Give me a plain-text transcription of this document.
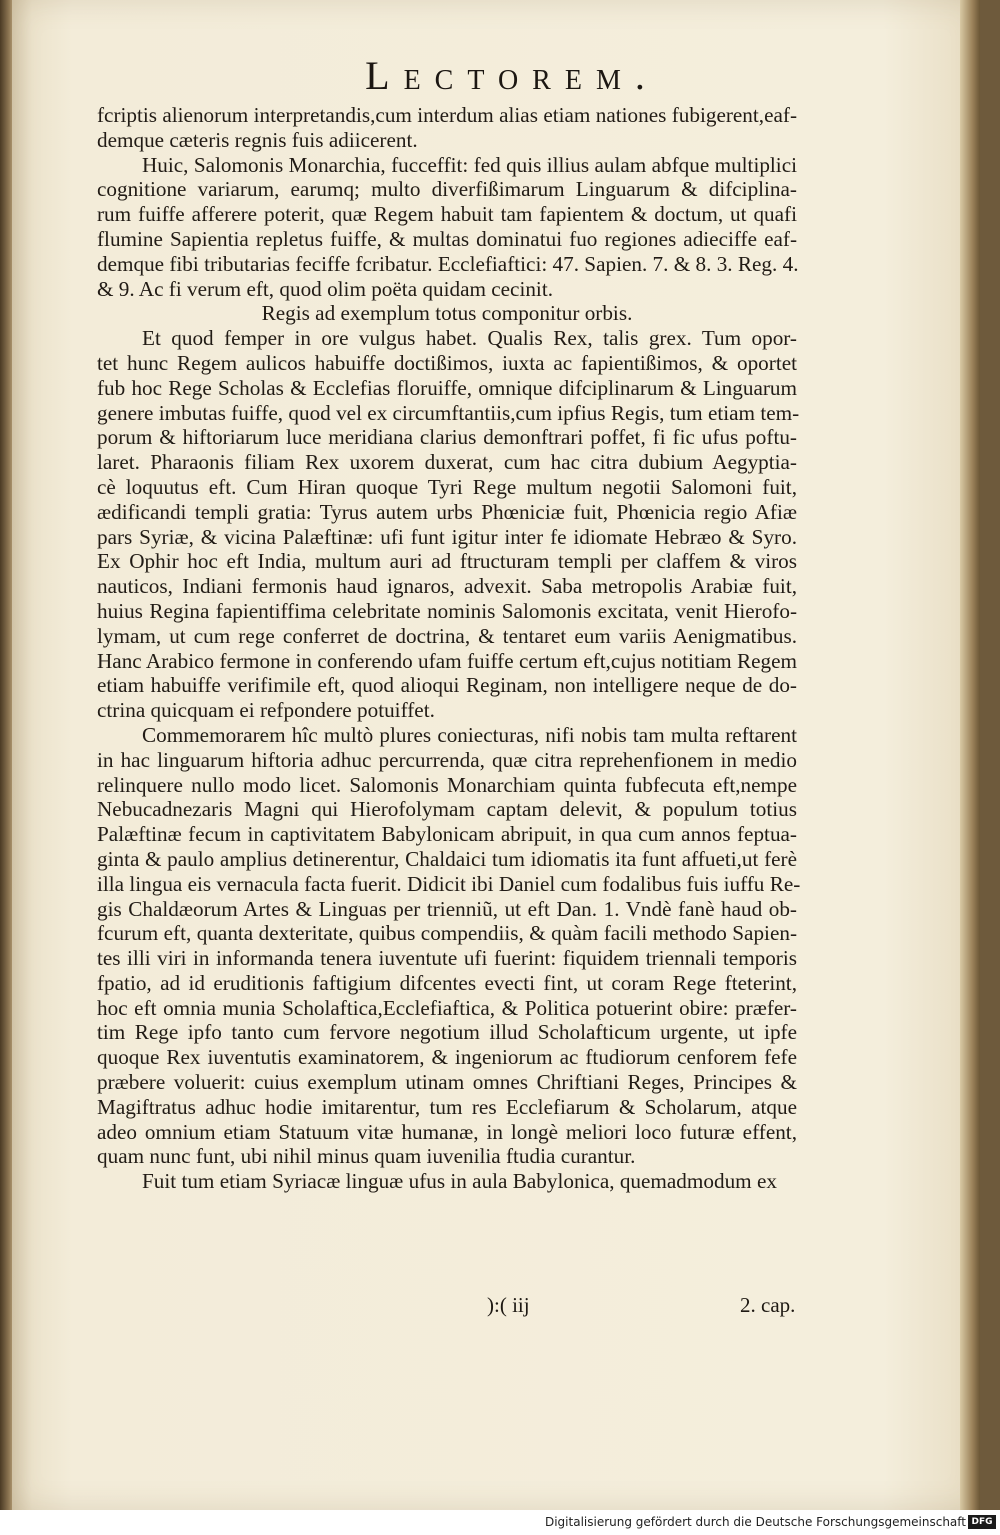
Lectorem.
fcriptis alienorum interpretandis,cum interdum alias etiam nationes fubigerent,eaf-
demque cæteris regnis fuis adiicerent.
Huic, Salomonis Monarchia, fucceffit: fed quis illius aulam abfque multiplici
cognitione variarum, earumq; multo diverfißimarum Linguarum & difciplina-
rum fuiffe afferere poterit, quæ Regem habuit tam fapientem & doctum, ut quafi
flumine Sapientia repletus fuiffe, & multas dominatui fuo regiones adieciffe eaf-
demque fibi tributarias feciffe fcribatur. Ecclefiaftici: 47. Sapien. 7. & 8. 3. Reg. 4.
& 9. Ac fi verum eft, quod olim poëta quidam cecinit.
Regis ad exemplum totus componitur orbis.
Et quod femper in ore vulgus habet. Qualis Rex, talis grex. Tum opor-
tet hunc Regem aulicos habuiffe doctißimos, iuxta ac fapientißimos, & oportet
fub hoc Rege Scholas & Ecclefias floruiffe, omnique difciplinarum & Linguarum
genere imbutas fuiffe, quod vel ex circumftantiis,cum ipfius Regis, tum etiam tem-
porum & hiftoriarum luce meridiana clarius demonftrari poffet, fi fic ufus poftu-
laret. Pharaonis filiam Rex uxorem duxerat, cum hac citra dubium Aegyptia-
cè loquutus eft. Cum Hiran quoque Tyri Rege multum negotii Salomoni fuit,
ædificandi templi gratia: Tyrus autem urbs Phœniciæ fuit, Phœnicia regio Afiæ
pars Syriæ, & vicina Palæftinæ: ufi funt igitur inter fe idiomate Hebræo & Syro.
Ex Ophir hoc eft India, multum auri ad ftructuram templi per claffem & viros
nauticos, Indiani fermonis haud ignaros, advexit. Saba metropolis Arabiæ fuit,
huius Regina fapientiffima celebritate nominis Salomonis excitata, venit Hierofo-
lymam, ut cum rege conferret de doctrina, & tentaret eum variis Aenigmatibus.
Hanc Arabico fermone in conferendo ufam fuiffe certum eft,cujus notitiam Regem
etiam habuiffe verifimile eft, quod alioqui Reginam, non intelligere neque de do-
ctrina quicquam ei refpondere potuiffet.
Commemorarem hîc multò plures coniecturas, nifi nobis tam multa reftarent
in hac linguarum hiftoria adhuc percurrenda, quæ citra reprehenfionem in medio
relinquere nullo modo licet. Salomonis Monarchiam quinta fubfecuta eft,nempe
Nebucadnezaris Magni qui Hierofolymam captam delevit, & populum totius
Palæftinæ fecum in captivitatem Babylonicam abripuit, in qua cum annos feptua-
ginta & paulo amplius detinerentur, Chaldaici tum idiomatis ita funt affueti,ut ferè
illa lingua eis vernacula facta fuerit. Didicit ibi Daniel cum fodalibus fuis iuffu Re-
gis Chaldæorum Artes & Linguas per trienniũ, ut eft Dan. 1. Vndè fanè haud ob-
fcurum eft, quanta dexteritate, quibus compendiis, & quàm facili methodo Sapien-
tes illi viri in informanda tenera iuventute ufi fuerint: fiquidem triennali temporis
fpatio, ad id eruditionis faftigium difcentes evecti fint, ut coram Rege fteterint,
hoc eft omnia munia Scholaftica,Ecclefiaftica, & Politica potuerint obire: præfer-
tim Rege ipfo tanto cum fervore negotium illud Scholafticum urgente, ut ipfe
quoque Rex iuventutis examinatorem, & ingeniorum ac ftudiorum cenforem fefe
præbere voluerit: cuius exemplum utinam omnes Chriftiani Reges, Principes &
Magiftratus adhuc hodie imitarentur, tum res Ecclefiarum & Scholarum, atque
adeo omnium etiam Statuum vitæ humanæ, in longè meliori loco futuræ effent,
quam nunc funt, ubi nihil minus quam iuvenilia ftudia curantur.
Fuit tum etiam Syriacæ linguæ ufus in aula Babylonica, quemadmodum ex
):( iij	2. cap.
Digitalisierung gefördert durch die Deutsche Forschungsgemeinschaft DFG
